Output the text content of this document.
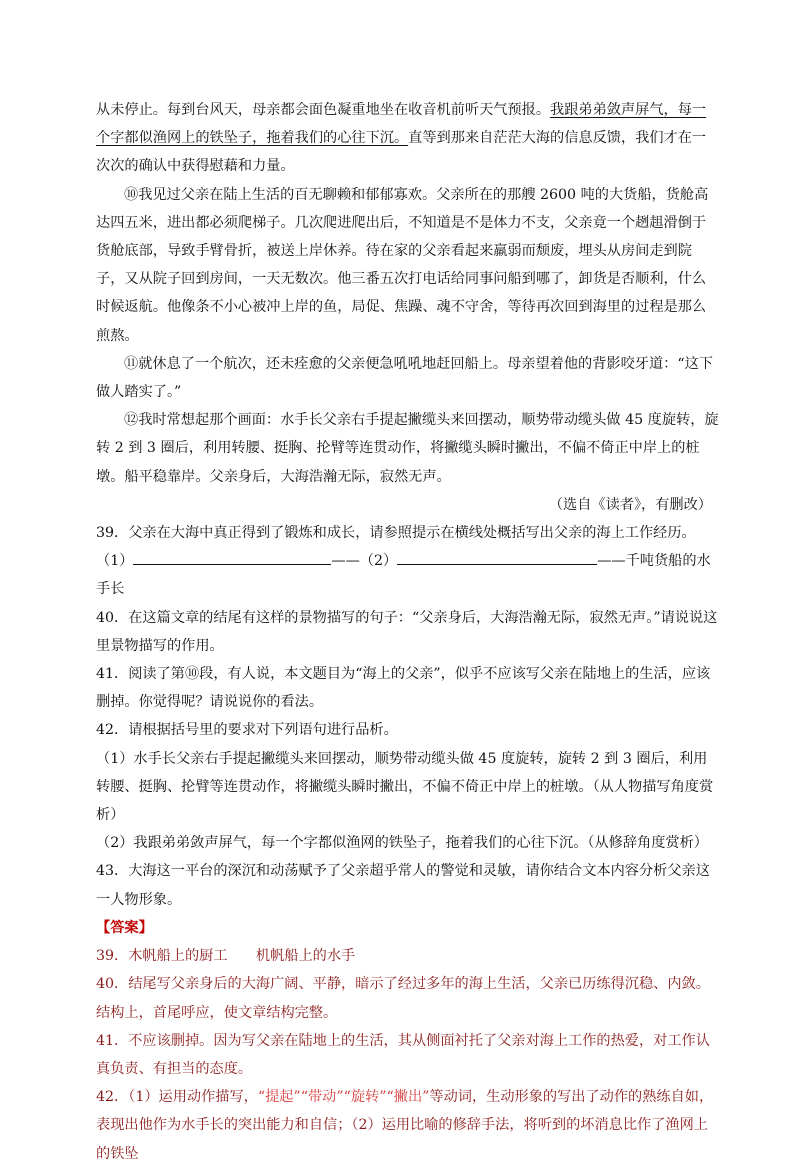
从未停止。每到台风天，母亲都会面色凝重地坐在收音机前听天气预报。我跟弟弟敛声屏气，每一个字都似渔网上的铁坠子，拖着我们的心往下沉。直等到那来自茫茫大海的信息反馈，我们才在一次次的确认中获得慰藉和力量。

⑩我见过父亲在陆上生活的百无聊赖和郁郁寡欢。父亲所在的那艘 2600 吨的大货船，货舱高达四五米，进出都必须爬梯子。几次爬进爬出后，不知道是不是体力不支，父亲竟一个趔趄滑倒于货舱底部，导致手臂骨折，被送上岸休养。待在家的父亲看起来羸弱而颓废，埋头从房间走到院子，又从院子回到房间，一天无数次。他三番五次打电话给同事问船到哪了，卸货是否顺利，什么时候返航。他像条不小心被冲上岸的鱼，局促、焦躁、魂不守舍，等待再次回到海里的过程是那么煎熬。

⑪就休息了一个航次，还未痊愈的父亲便急吼吼地赶回船上。母亲望着他的背影咬牙道：“这下做人踏实了。”

⑫我时常想起那个画面：水手长父亲右手提起撇缆头来回摆动，顺势带动缆头做 45 度旋转，旋转 2 到 3 圈后，利用转腰、挺胸、抡臂等连贯动作，将撇缆头瞬时撇出，不偏不倚正中岸上的桩墩。船平稳靠岸。父亲身后，大海浩瀚无际，寂然无声。

（选自《读者》，有删改）

39．父亲在大海中真正得到了锻炼和成长，请参照提示在横线处概括写出父亲的海上工作经历。

（1）	——（2）	——千吨货船的水手长

40．在这篇文章的结尾有这样的景物描写的句子：“父亲身后，大海浩瀚无际，寂然无声。”请说说这里景物描写的作用。

41．阅读了第⑩段，有人说，本文题目为“海上的父亲”，似乎不应该写父亲在陆地上的生活，应该删掉。你觉得呢？请说说你的看法。

42．请根据括号里的要求对下列语句进行品析。

（1）水手长父亲右手提起撇缆头来回摆动，顺势带动缆头做 45 度旋转，旋转 2 到 3 圈后，利用转腰、挺胸、抡臂等连贯动作，将撇缆头瞬时撇出，不偏不倚正中岸上的桩墩。（从人物描写角度赏析）

（2）我跟弟弟敛声屏气，每一个字都似渔网的铁坠子，拖着我们的心往下沉。（从修辞角度赏析）

43．大海这一平台的深沉和动荡赋予了父亲超乎常人的警觉和灵敏，请你结合文本内容分析父亲这一人物形象。

【答案】

39．木帆船上的厨工　　机帆船上的水手

40．结尾写父亲身后的大海广阔、平静，暗示了经过多年的海上生活，父亲已历练得沉稳、内敛。结构上，首尾呼应，使文章结构完整。

41．不应该删掉。因为写父亲在陆地上的生活，其从侧面衬托了父亲对海上工作的热爱，对工作认真负责、有担当的态度。

42．（1）运用动作描写，“提起”“带动”“旋转”“撇出”等动词，生动形象的写出了动作的熟练自如，表现出他作为水手长的突出能力和自信；（2）运用比喻的修辞手法，将听到的坏消息比作了渔网上的铁坠
